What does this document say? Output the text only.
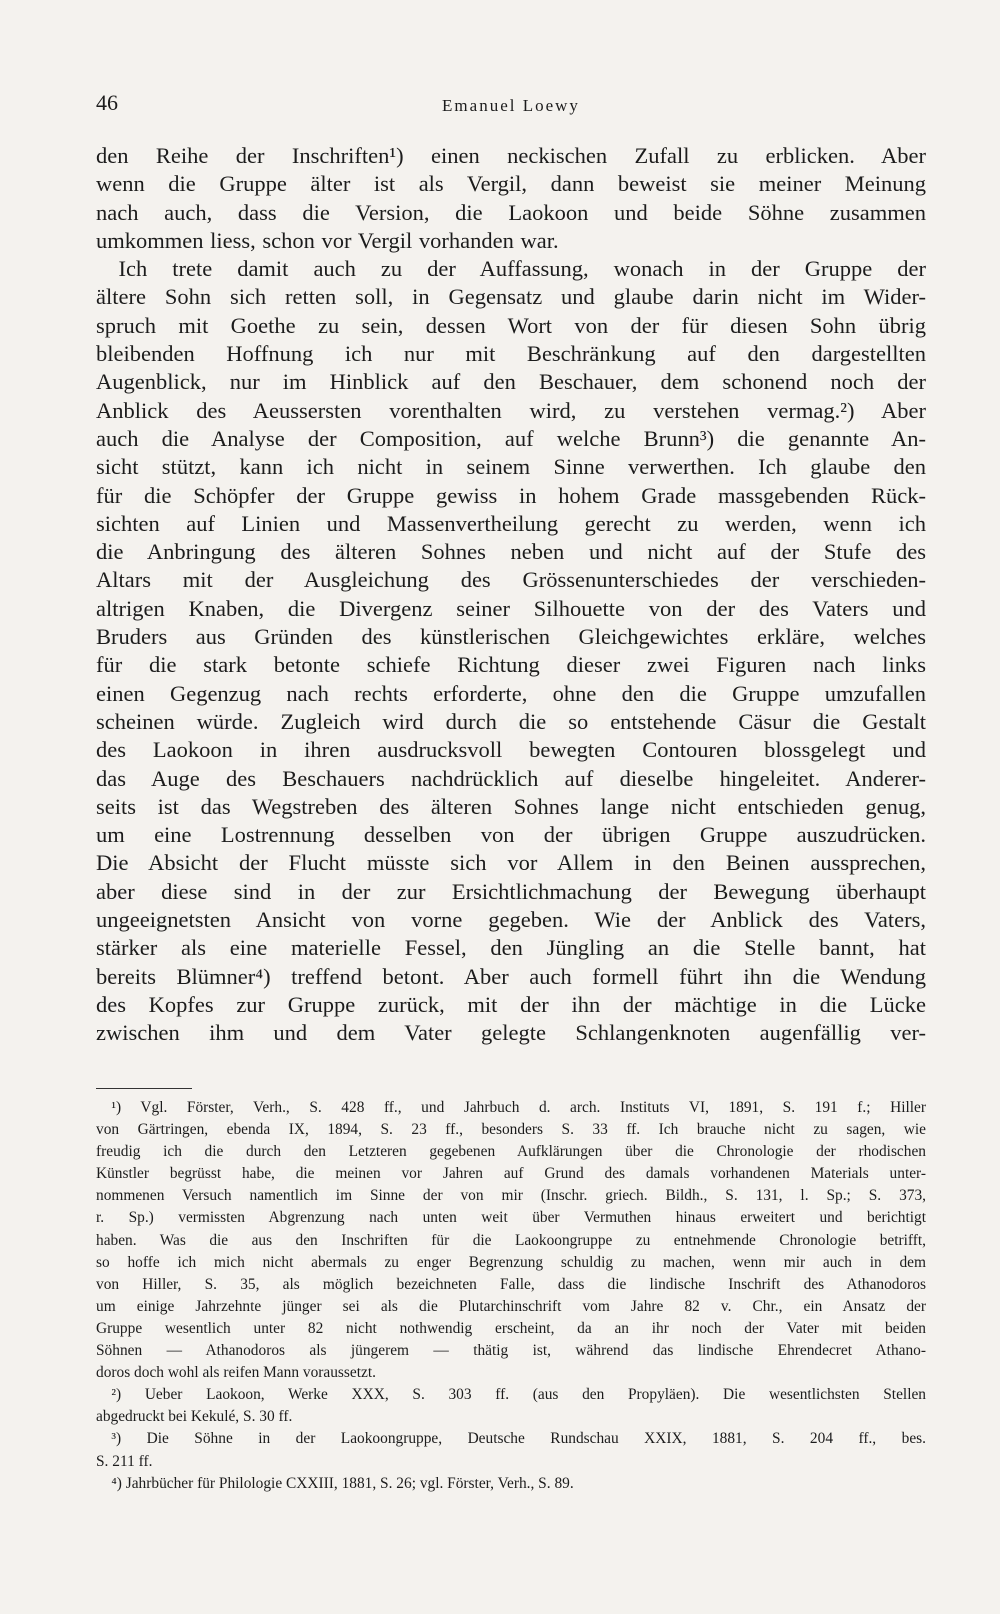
46	Emanuel Loewy
den Reihe der Inschriften¹) einen neckischen Zufall zu erblicken. Aber
wenn die Gruppe älter ist als Vergil, dann beweist sie meiner Meinung
nach auch, dass die Version, die Laokoon und beide Söhne zusammen
umkommen liess, schon vor Vergil vorhanden war.
 Ich trete damit auch zu der Auffassung, wonach in der Gruppe der
ältere Sohn sich retten soll, in Gegensatz und glaube darin nicht im Wider-
spruch mit Goethe zu sein, dessen Wort von der für diesen Sohn übrig
bleibenden Hoffnung ich nur mit Beschränkung auf den dargestellten
Augenblick, nur im Hinblick auf den Beschauer, dem schonend noch der
Anblick des Aeussersten vorenthalten wird, zu verstehen vermag.²) Aber
auch die Analyse der Composition, auf welche Brunn³) die genannte An-
sicht stützt, kann ich nicht in seinem Sinne verwerthen. Ich glaube den
für die Schöpfer der Gruppe gewiss in hohem Grade massgebenden Rück-
sichten auf Linien und Massenvertheilung gerecht zu werden, wenn ich
die Anbringung des älteren Sohnes neben und nicht auf der Stufe des
Altars mit der Ausgleichung des Grössenunterschiedes der verschieden-
altrigen Knaben, die Divergenz seiner Silhouette von der des Vaters und
Bruders aus Gründen des künstlerischen Gleichgewichtes erkläre, welches
für die stark betonte schiefe Richtung dieser zwei Figuren nach links
einen Gegenzug nach rechts erforderte, ohne den die Gruppe umzufallen
scheinen würde. Zugleich wird durch die so entstehende Cäsur die Gestalt
des Laokoon in ihren ausdrucksvoll bewegten Contouren blossgelegt und
das Auge des Beschauers nachdrücklich auf dieselbe hingeleitet. Anderer-
seits ist das Wegstreben des älteren Sohnes lange nicht entschieden genug,
um eine Lostrennung desselben von der übrigen Gruppe auszudrücken.
Die Absicht der Flucht müsste sich vor Allem in den Beinen aussprechen,
aber diese sind in der zur Ersichtlichmachung der Bewegung überhaupt
ungeeignetsten Ansicht von vorne gegeben. Wie der Anblick des Vaters,
stärker als eine materielle Fessel, den Jüngling an die Stelle bannt, hat
bereits Blümner⁴) treffend betont. Aber auch formell führt ihn die Wendung
des Kopfes zur Gruppe zurück, mit der ihn der mächtige in die Lücke
zwischen ihm und dem Vater gelegte Schlangenknoten augenfällig ver-
 ¹) Vgl. Förster, Verh., S. 428 ff., und Jahrbuch d. arch. Instituts VI, 1891, S. 191 f.; Hiller
von Gärtringen, ebenda IX, 1894, S. 23 ff., besonders S. 33 ff. Ich brauche nicht zu sagen, wie
freudig ich die durch den Letzteren gegebenen Aufklärungen über die Chronologie der rhodischen
Künstler begrüsst habe, die meinen vor Jahren auf Grund des damals vorhandenen Materials unter-
nommenen Versuch namentlich im Sinne der von mir (Inschr. griech. Bildh., S. 131, l. Sp.; S. 373,
r. Sp.) vermissten Abgrenzung nach unten weit über Vermuthen hinaus erweitert und berichtigt
haben. Was die aus den Inschriften für die Laokoongruppe zu entnehmende Chronologie betrifft,
so hoffe ich mich nicht abermals zu enger Begrenzung schuldig zu machen, wenn mir auch in dem
von Hiller, S. 35, als möglich bezeichneten Falle, dass die lindische Inschrift des Athanodoros
um einige Jahrzehnte jünger sei als die Plutarchinschrift vom Jahre 82 v. Chr., ein Ansatz der
Gruppe wesentlich unter 82 nicht nothwendig erscheint, da an ihr noch der Vater mit beiden
Söhnen — Athanodoros als jüngerem — thätig ist, während das lindische Ehrendecret Athano-
doros doch wohl als reifen Mann voraussetzt.
 ²) Ueber Laokoon, Werke XXX, S. 303 ff. (aus den Propyläen). Die wesentlichsten Stellen
abgedruckt bei Kekulé, S. 30 ff.
 ³) Die Söhne in der Laokoongruppe, Deutsche Rundschau XXIX, 1881, S. 204 ff., bes.
S. 211 ff.
 ⁴) Jahrbücher für Philologie CXXIII, 1881, S. 26; vgl. Förster, Verh., S. 89.
